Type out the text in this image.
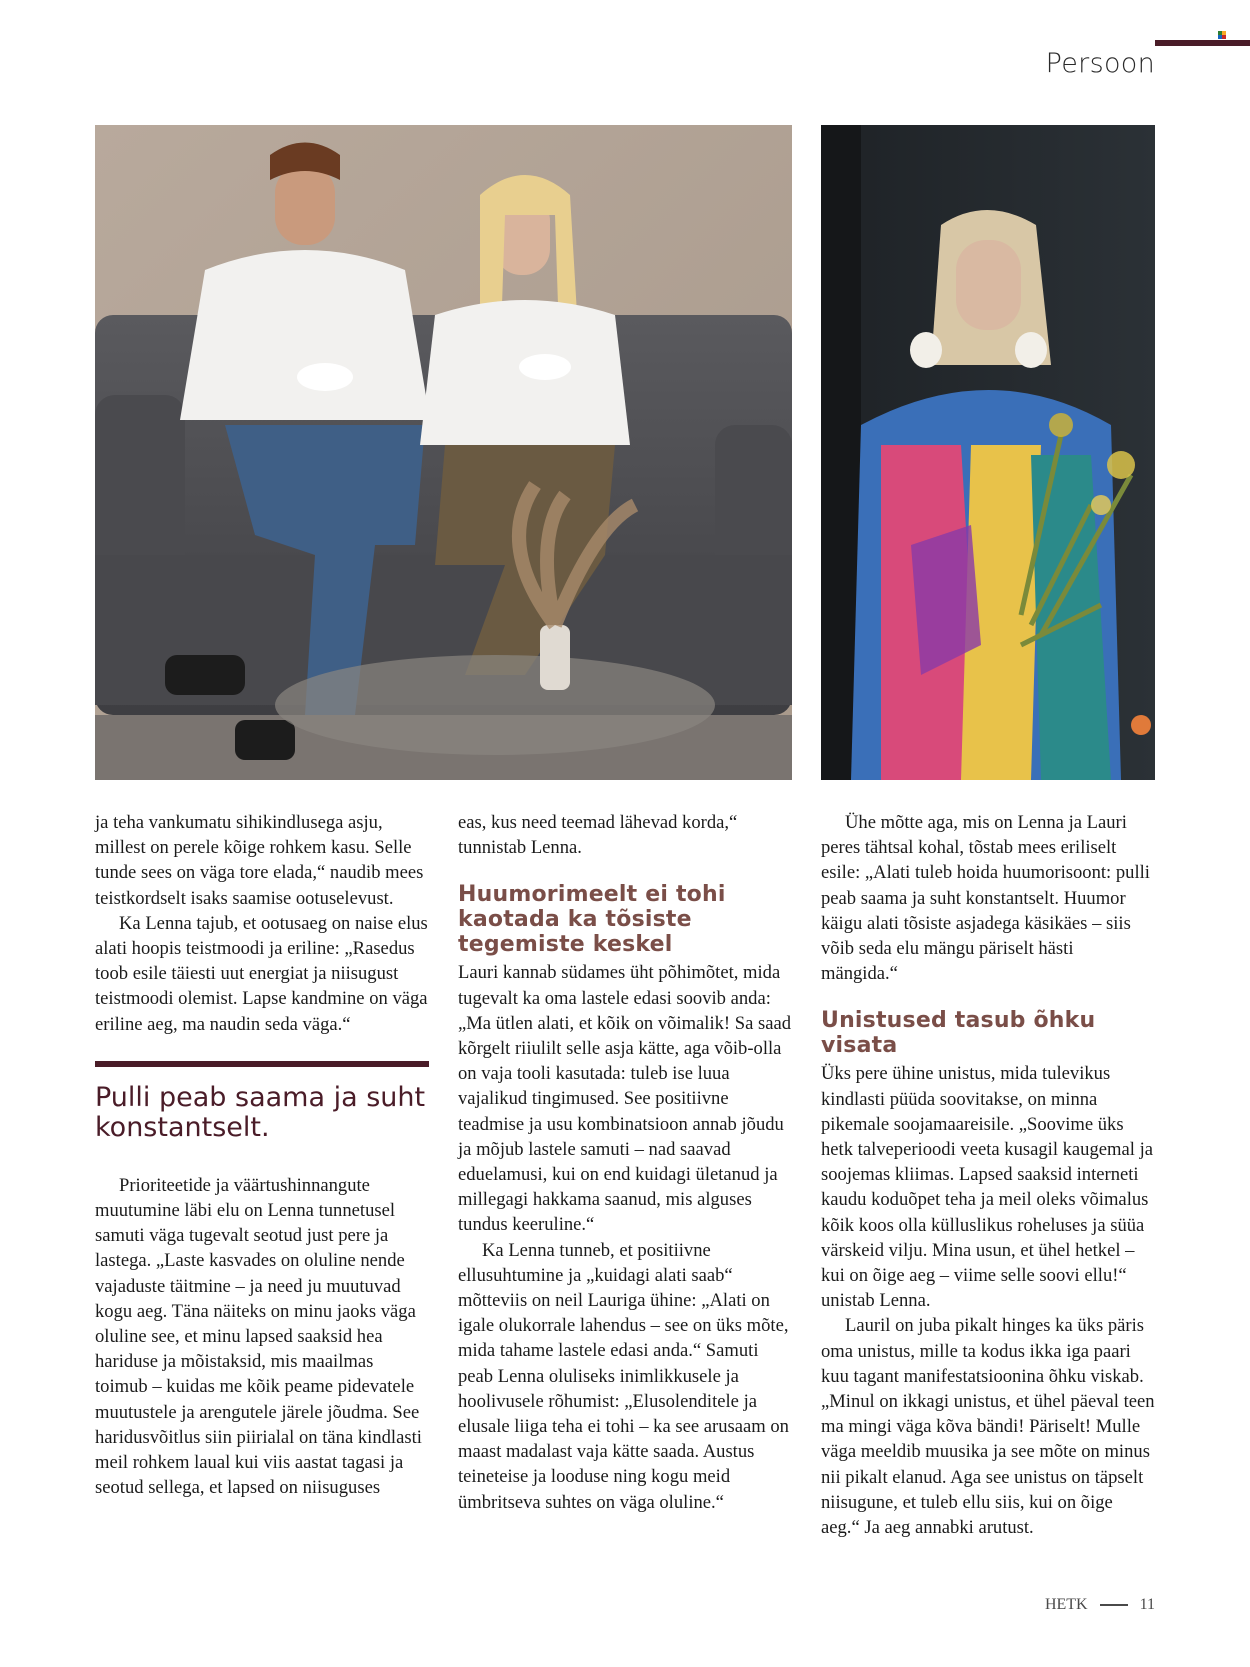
Persoon

ja teha vankumatu sihikindlusega asju, millest on perele kõige rohkem kasu. Selle tunde sees on väga tore elada,“ naudib mees teistkordselt isaks saamise ootuselevust.

Ka Lenna tajub, et ootusaeg on naise elus alati hoopis teistmoodi ja eriline: „Rasedus toob esile täiesti uut energiat ja niisugust teistmoodi olemist. Lapse kandmine on väga eriline aeg, ma naudin seda väga.“

Pulli peab saama ja suht konstantselt.

Prioriteetide ja väärtushinnangute muutumine läbi elu on Lenna tunnetusel samuti väga tugevalt seotud just pere ja lastega. „Laste kasvades on oluline nende vajaduste täitmine – ja need ju muutuvad kogu aeg. Täna näiteks on minu jaoks väga oluline see, et minu lapsed saaksid hea hariduse ja mõistaksid, mis maailmas toimub – kuidas me kõik peame pidevatele muutustele ja arengutele järele jõudma. See haridusvõitlus siin piirialal on täna kindlasti meil rohkem laual kui viis aastat tagasi ja seotud sellega, et lapsed on niisuguses

eas, kus need teemad lähevad korda,“ tunnistab Lenna.

Huumorimeelt ei tohi kaotada ka tõsiste tegemiste keskel

Lauri kannab südames üht põhimõtet, mida tugevalt ka oma lastele edasi soovib anda: „Ma ütlen alati, et kõik on võimalik! Sa saad kõrgelt riiulilt selle asja kätte, aga võib-olla on vaja tooli kasutada: tuleb ise luua vajalikud tingimused. See positiivne teadmise ja usu kombinatsioon annab jõudu ja mõjub lastele samuti – nad saavad eduelamusi, kui on end kuidagi ületanud ja millegagi hakkama saanud, mis alguses tundus keeruline.“

Ka Lenna tunneb, et positiivne ellusuhtumine ja „kuidagi alati saab“ mõtteviis on neil Lauriga ühine: „Alati on igale olukorrale lahendus – see on üks mõte, mida tahame lastele edasi anda.“ Samuti peab Lenna oluliseks inimlikkusele ja hoolivusele rõhumist: „Elusolenditele ja elusale liiga teha ei tohi – ka see arusaam on maast madalast vaja kätte saada. Austus teineteise ja looduse ning kogu meid ümbritseva suhtes on väga oluline.“

Ühe mõtte aga, mis on Lenna ja Lauri peres tähtsal kohal, tõstab mees eriliselt esile: „Alati tuleb hoida huumorisoont: pulli peab saama ja suht konstantselt. Huumor käigu alati tõsiste asjadega käsikäes – siis võib seda elu mängu päriselt hästi mängida.“

Unistused tasub õhku visata

Üks pere ühine unistus, mida tulevikus kindlasti püüda soovitakse, on minna pikemale soojamaareisile. „Soovime üks hetk talveperioodi veeta kusagil kaugemal ja soojemas kliimas. Lapsed saaksid interneti kaudu koduõpet teha ja meil oleks võimalus kõik koos olla külluslikus roheluses ja süüa värskeid vilju. Mina usun, et ühel hetkel – kui on õige aeg – viime selle soovi ellu!“ unistab Lenna.

Lauril on juba pikalt hinges ka üks päris oma unistus, mille ta kodus ikka iga paari kuu tagant manifestatsioonina õhku viskab. „Minul on ikkagi unistus, et ühel päeval teen ma mingi väga kõva bändi! Päriselt! Mulle väga meeldib muusika ja see mõte on minus nii pikalt elanud. Aga see unistus on täpselt niisugune, et tuleb ellu siis, kui on õige aeg.“ Ja aeg annabki arutust.

HETK	11
